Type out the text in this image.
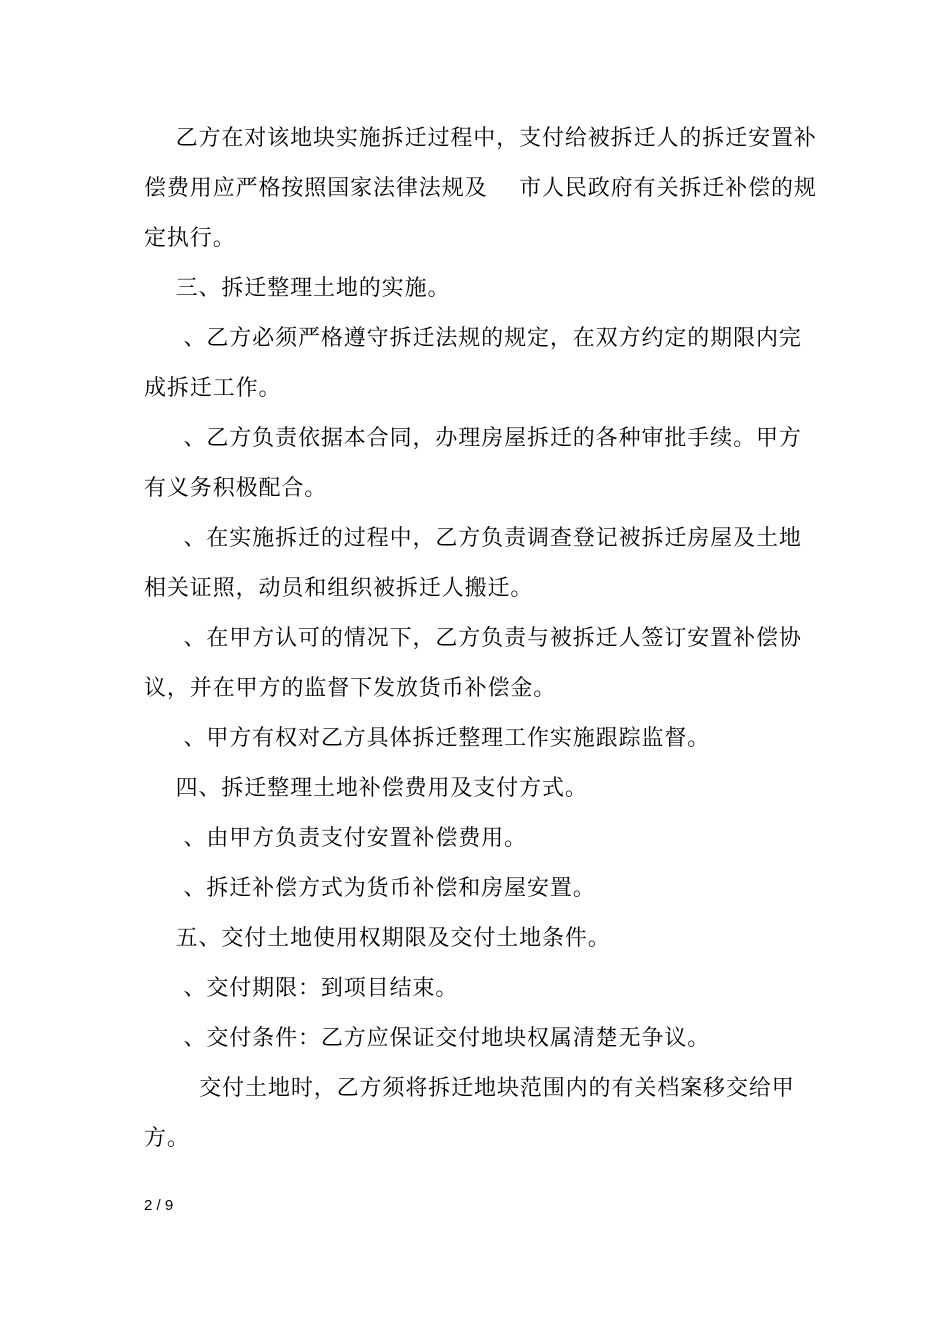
乙方在对该地块实施拆迁过程中，支付给被拆迁人的拆迁安置补
偿费用应严格按照国家法律法规及    市人民政府有关拆迁补偿的规
定执行。
三、拆迁整理土地的实施。
、乙方必须严格遵守拆迁法规的规定，在双方约定的期限内完
成拆迁工作。
、乙方负责依据本合同，办理房屋拆迁的各种审批手续。甲方
有义务积极配合。
、在实施拆迁的过程中，乙方负责调查登记被拆迁房屋及土地
相关证照，动员和组织被拆迁人搬迁。
、在甲方认可的情况下，乙方负责与被拆迁人签订安置补偿协
议，并在甲方的监督下发放货币补偿金。
、甲方有权对乙方具体拆迁整理工作实施跟踪监督。
四、拆迁整理土地补偿费用及支付方式。
、由甲方负责支付安置补偿费用。
、拆迁补偿方式为货币补偿和房屋安置。
五、交付土地使用权期限及交付土地条件。
、交付期限：到项目结束。
、交付条件：乙方应保证交付地块权属清楚无争议。
交付土地时，乙方须将拆迁地块范围内的有关档案移交给甲
方。
2 / 9
